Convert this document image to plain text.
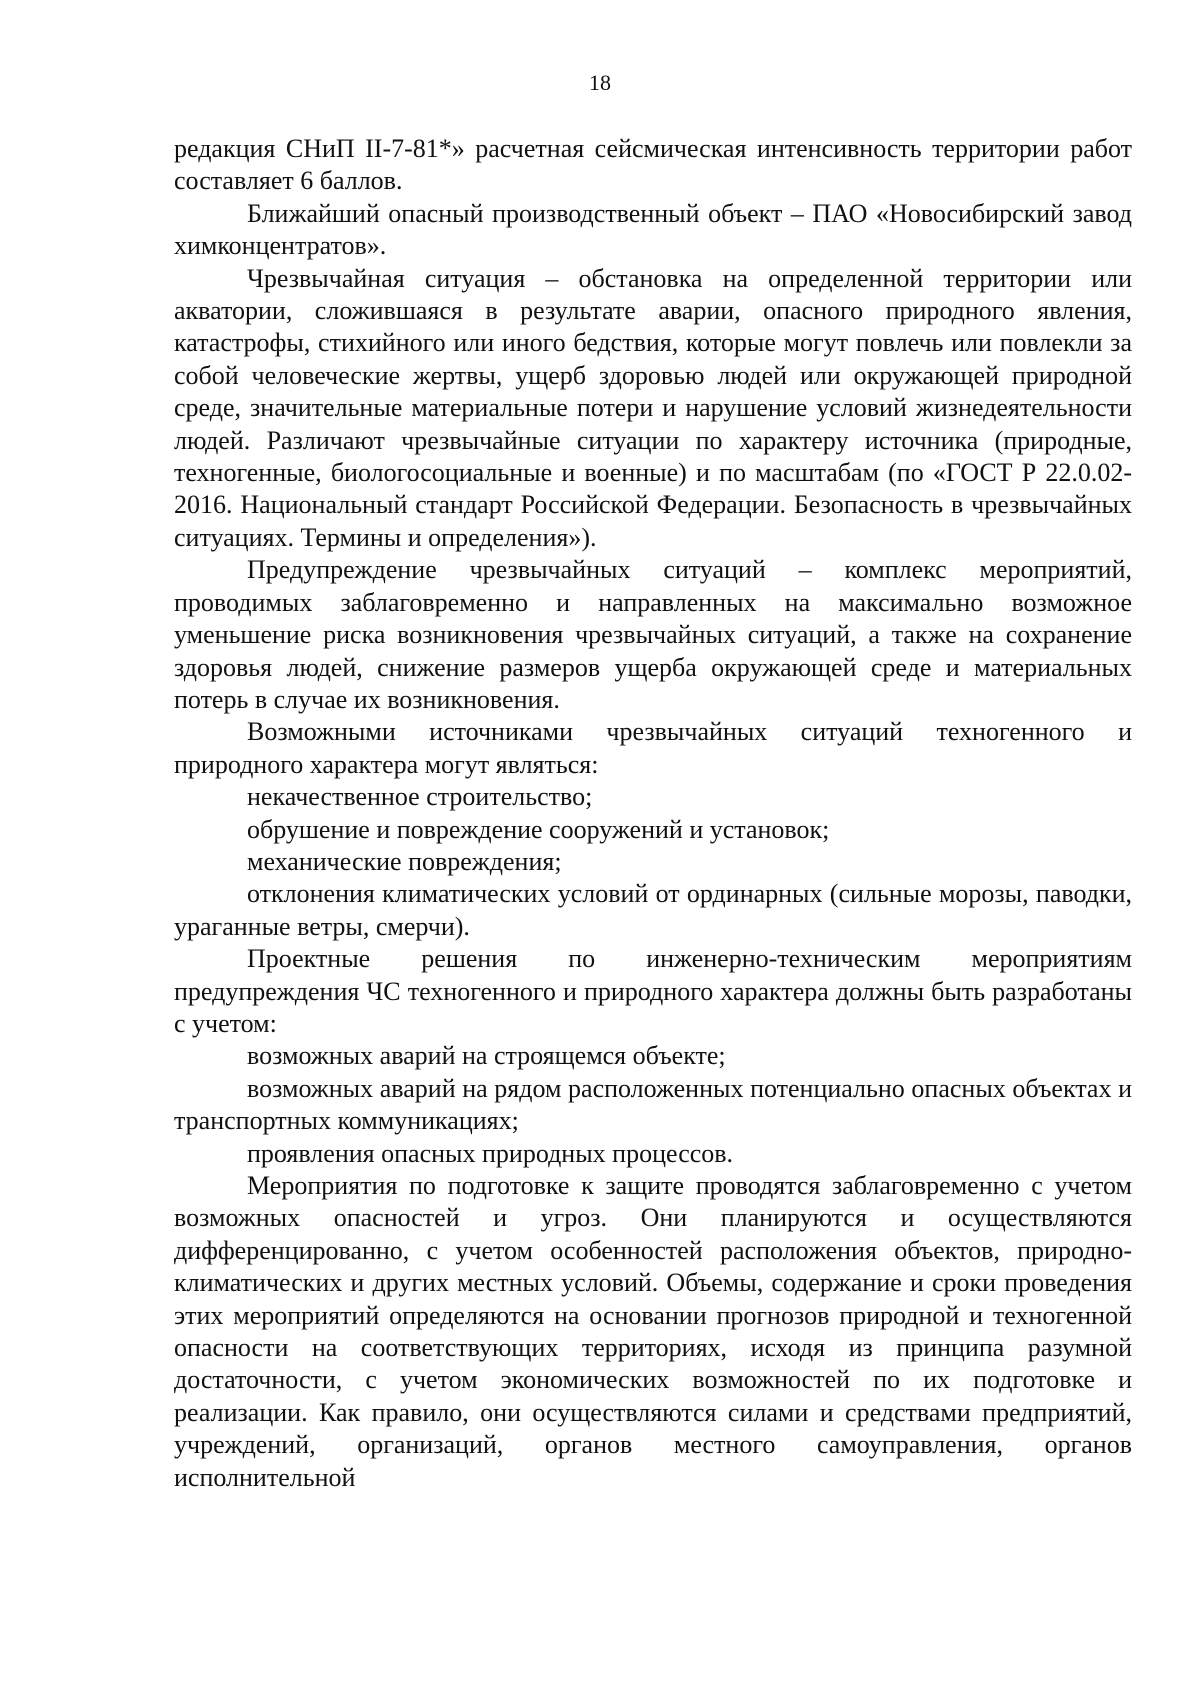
18

редакция СНиП II-7-81*» расчетная сейсмическая интенсивность территории работ составляет 6 баллов.

Ближайший опасный производственный объект – ПАО «Новосибирский завод химконцентратов».

Чрезвычайная ситуация – обстановка на определенной территории или акватории, сложившаяся в результате аварии, опасного природного явления, катастрофы, стихийного или иного бедствия, которые могут повлечь или повлекли за собой человеческие жертвы, ущерб здоровью людей или окружающей природной среде, значительные материальные потери и нарушение условий жизнедеятельности людей. Различают чрезвычайные ситуации по характеру источника (природные, техногенные, биологосоциальные и военные) и по масштабам (по «ГОСТ Р 22.0.02-2016. Национальный стандарт Российской Федерации. Безопасность в чрезвычайных ситуациях. Термины и определения»).

Предупреждение чрезвычайных ситуаций – комплекс мероприятий, проводимых заблаговременно и направленных на максимально возможное уменьшение риска возникновения чрезвычайных ситуаций, а также на сохранение здоровья людей, снижение размеров ущерба окружающей среде и материальных потерь в случае их возникновения.

Возможными источниками чрезвычайных ситуаций техногенного и природного характера могут являться:

некачественное строительство;

обрушение и повреждение сооружений и установок;

механические повреждения;

отклонения климатических условий от ординарных (сильные морозы, паводки, ураганные ветры, смерчи).

Проектные решения по инженерно-техническим мероприятиям предупреждения ЧС техногенного и природного характера должны быть разработаны с учетом:

возможных аварий на строящемся объекте;

возможных аварий на рядом расположенных потенциально опасных объектах и транспортных коммуникациях;

проявления опасных природных процессов.

Мероприятия по подготовке к защите проводятся заблаговременно с учетом возможных опасностей и угроз. Они планируются и осуществляются дифференцированно, с учетом особенностей расположения объектов, природно-климатических и других местных условий. Объемы, содержание и сроки проведения этих мероприятий определяются на основании прогнозов природной и техногенной опасности на соответствующих территориях, исходя из принципа разумной достаточности, с учетом экономических возможностей по их подготовке и реализации. Как правило, они осуществляются силами и средствами предприятий, учреждений, организаций, органов местного самоуправления, органов исполнительной
